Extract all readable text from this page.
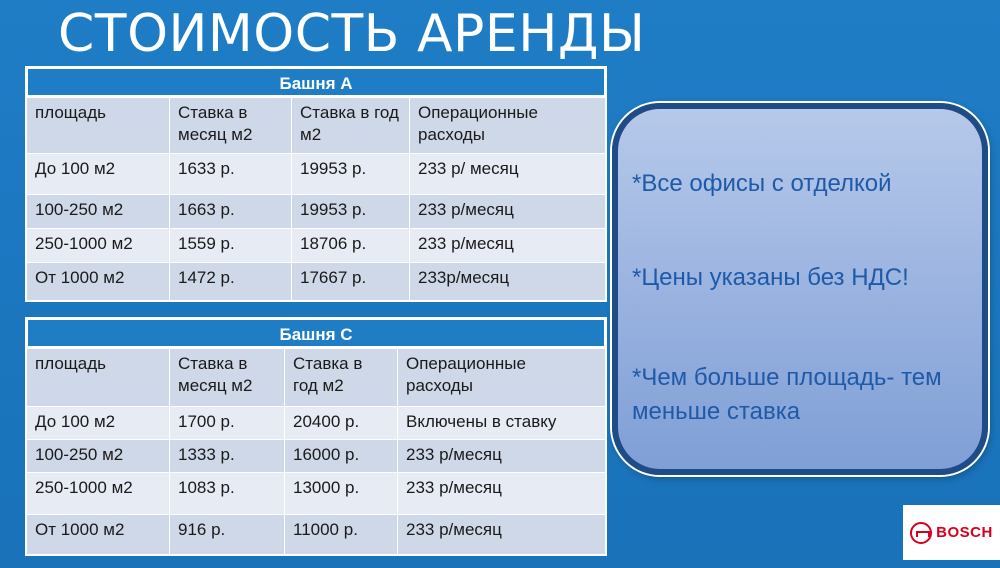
СТОИМОСТЬ АРЕНДЫ
Башня А
площадь	Ставка в месяц м2	Ставка в год м2	Операционные расходы
До 100 м2	1633 р.	19953 р.	233 р/ месяц
100-250 м2	1663 р.	19953 р.	233 р/месяц
250-1000 м2	1559 р.	18706 р.	233 р/месяц
От 1000 м2	1472 р.	17667 р.	233р/месяц
Башня С
площадь	Ставка в месяц м2	Ставка в год м2	Операционные расходы
До 100 м2	1700 р.	20400 р.	Включены в ставку
100-250 м2	1333 р.	16000 р.	233 р/месяц
250-1000 м2	1083 р.	13000 р.	233 р/месяц
От 1000 м2	916 р.	11000 р.	233 р/месяц
*Все офисы с отделкой
*Цены указаны без НДС!
*Чем больше площадь- тем меньше ставка
BOSCH
